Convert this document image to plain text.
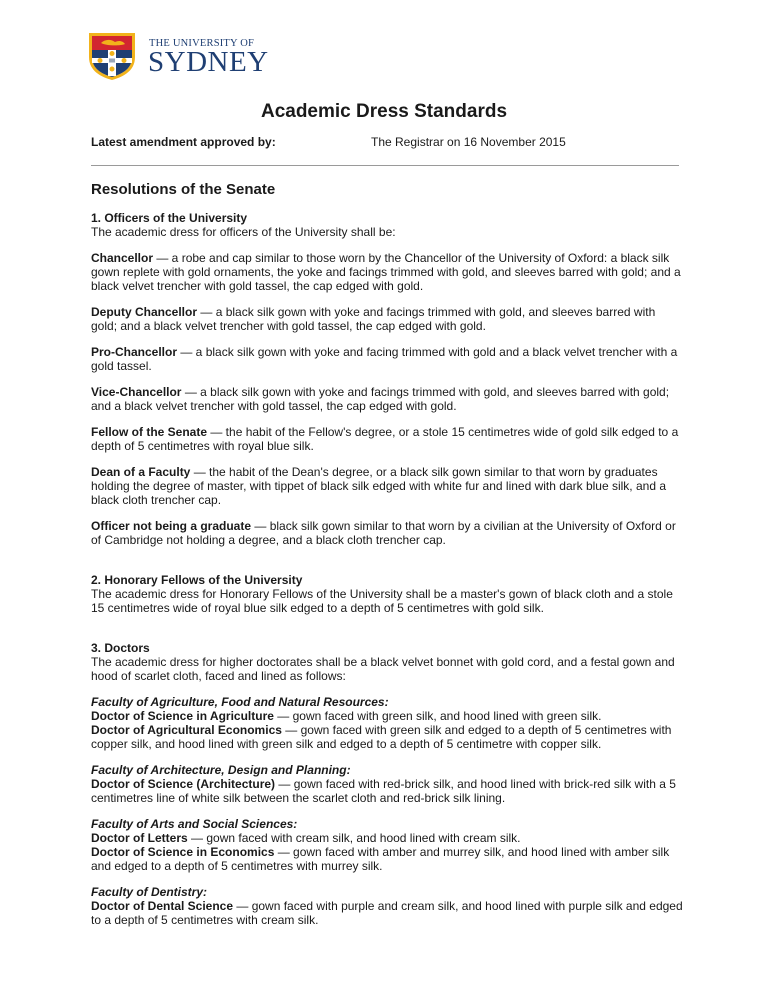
THE UNIVERSITY OF
SYDNEY
Academic Dress Standards
Latest amendment approved by:	The Registrar on 16 November 2015
Resolutions of the Senate
1. Officers of the University
The academic dress for officers of the University shall be:
Chancellor — a robe and cap similar to those worn by the Chancellor of the University of Oxford: a black silk gown replete with gold ornaments, the yoke and facings trimmed with gold, and sleeves barred with gold; and a black velvet trencher with gold tassel, the cap edged with gold.
Deputy Chancellor — a black silk gown with yoke and facings trimmed with gold, and sleeves barred with gold; and a black velvet trencher with gold tassel, the cap edged with gold.
Pro-Chancellor — a black silk gown with yoke and facing trimmed with gold and a black velvet trencher with a gold tassel.
Vice-Chancellor — a black silk gown with yoke and facings trimmed with gold, and sleeves barred with gold; and a black velvet trencher with gold tassel, the cap edged with gold.
Fellow of the Senate — the habit of the Fellow's degree, or a stole 15 centimetres wide of gold silk edged to a depth of 5 centimetres with royal blue silk.
Dean of a Faculty — the habit of the Dean's degree, or a black silk gown similar to that worn by graduates holding the degree of master, with tippet of black silk edged with white fur and lined with dark blue silk, and a black cloth trencher cap.
Officer not being a graduate — black silk gown similar to that worn by a civilian at the University of Oxford or of Cambridge not holding a degree, and a black cloth trencher cap.
2. Honorary Fellows of the University
The academic dress for Honorary Fellows of the University shall be a master's gown of black cloth and a stole 15 centimetres wide of royal blue silk edged to a depth of 5 centimetres with gold silk.
3. Doctors
The academic dress for higher doctorates shall be a black velvet bonnet with gold cord, and a festal gown and hood of scarlet cloth, faced and lined as follows:
Faculty of Agriculture, Food and Natural Resources:
Doctor of Science in Agriculture — gown faced with green silk, and hood lined with green silk.
Doctor of Agricultural Economics — gown faced with green silk and edged to a depth of 5 centimetres with copper silk, and hood lined with green silk and edged to a depth of 5 centimetre with copper silk.
Faculty of Architecture, Design and Planning:
Doctor of Science (Architecture) — gown faced with red-brick silk, and hood lined with brick-red silk with a 5 centimetres line of white silk between the scarlet cloth and red-brick silk lining.
Faculty of Arts and Social Sciences:
Doctor of Letters — gown faced with cream silk, and hood lined with cream silk.
Doctor of Science in Economics — gown faced with amber and murrey silk, and hood lined with amber silk and edged to a depth of 5 centimetres with murrey silk.
Faculty of Dentistry:
Doctor of Dental Science — gown faced with purple and cream silk, and hood lined with purple silk and edged to a depth of 5 centimetres with cream silk.
